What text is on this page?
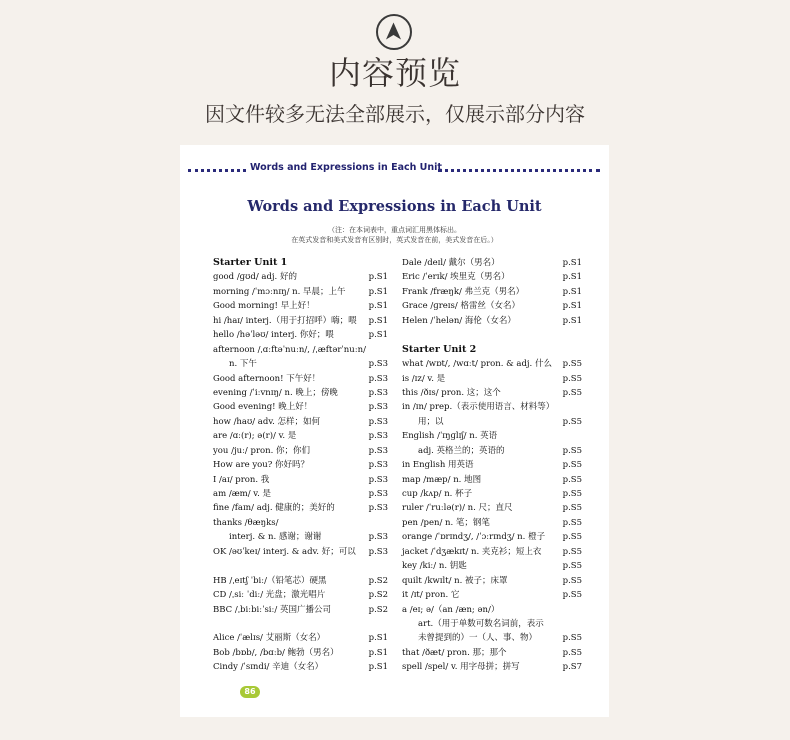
内容预览
因文件较多无法全部展示，仅展示部分内容
Words and Expressions in Each Unit
Words and Expressions in Each Unit
（注：在本词表中，重点词汇用黑体标出。
在英式发音和美式发音有区别时，英式发音在前，美式发音在后。）
Starter Unit 1
good /ɡʊd/ adj. 好的	p.S1
morning /ˈmɔːnɪŋ/ n. 早晨；上午	p.S1
Good morning! 早上好！	p.S1
hi /haɪ/ interj.（用于打招呼）嗨；喂 p.S1
hello /həˈləʊ/ interj. 你好；喂	p.S1
afternoon /ˌɑːftəˈnuːn/, /ˌæftərˈnuːn/
n. 下午	p.S3
Good afternoon! 下午好！	p.S3
evening /ˈiːvnɪŋ/ n. 晚上；傍晚	p.S3
Good evening! 晚上好！	p.S3
how /haʊ/ adv. 怎样；如何	p.S3
are /ɑː(r); ə(r)/ v. 是	p.S3
you /juː/ pron. 你；你们	p.S3
How are you? 你好吗？	p.S3
I /aɪ/ pron. 我	p.S3
am /æm/ v. 是	p.S3
fine /faɪn/ adj. 健康的；美好的	p.S3
thanks /θæŋks/
interj. & n. 感谢；谢谢	p.S3
OK /əʊˈkeɪ/ interj. & adv. 好；可以 p.S3
HB /ˌeɪtʃ ˈbiː/（铅笔芯）硬黑	p.S2
CD /ˌsiː ˈdiː/ 光盘；激光唱片	p.S2
BBC /ˌbiːbiːˈsiː/ 英国广播公司	p.S2
Alice /ˈælɪs/ 艾丽斯（女名）	p.S1
Bob /bɒb/, /bɑːb/ 鲍勃（男名）	p.S1
Cindy /ˈsɪndi/ 辛迪（女名）	p.S1
Dale /deɪl/ 戴尔（男名）	p.S1
Eric /ˈerɪk/ 埃里克（男名）	p.S1
Frank /fræŋk/ 弗兰克（男名）	p.S1
Grace /ɡreɪs/ 格雷丝（女名）	p.S1
Helen /ˈhelən/ 海伦（女名）	p.S1
Starter Unit 2
what /wɒt/, /wɑːt/ pron. & adj. 什么 p.S5
is /ɪz/ v. 是	p.S5
this /ðɪs/ pron. 这；这个	p.S5
in /ɪn/ prep.（表示使用语言、材料等）
用；以	p.S5
English /ˈɪŋɡlɪʃ/ n. 英语
adj. 英格兰的；英语的	p.S5
in English 用英语	p.S5
map /mæp/ n. 地图	p.S5
cup /kʌp/ n. 杯子	p.S5
ruler /ˈruːlə(r)/ n. 尺；直尺	p.S5
pen /pen/ n. 笔；钢笔	p.S5
orange /ˈɒrɪndʒ/, /ˈɔːrɪndʒ/ n. 橙子 p.S5
jacket /ˈdʒækɪt/ n. 夹克衫；短上衣 p.S5
key /kiː/ n. 钥匙	p.S5
quilt /kwɪlt/ n. 被子；床罩	p.S5
it /ɪt/ pron. 它	p.S5
a /eɪ; ə/（an /æn; ən/）
art.（用于单数可数名词前，表示
未曾提到的）一（人、事、物）	p.S5
that /ðæt/ pron. 那；那个	p.S5
spell /spel/ v. 用字母拼；拼写	p.S7
86
